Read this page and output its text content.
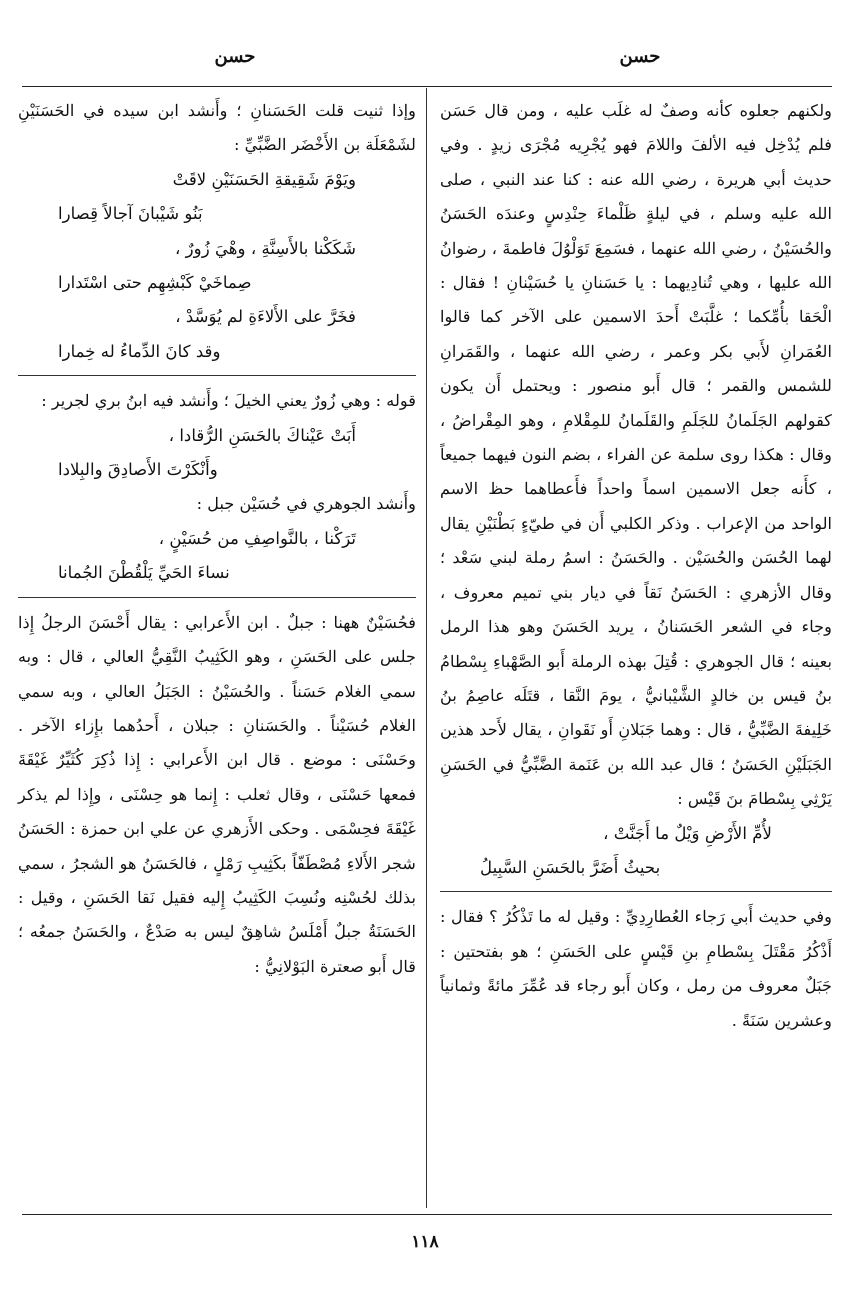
حسن
حسن

ولكنهم جعلوه كأنه وصفٌ له غلَب عليه ، ومن قال حَسَن فلم يُدْخِل فيه الألفَ واللامَ فهو يُجْرِيه مُجْرَى زيدٍ . وفي حديث أبي هريرة ، رضي الله عنه : كنا عند النبي ، صلى الله عليه وسلم ، في ليلةٍ ظَلْماءَ حِنْدِسٍ وعندَه الحَسَنُ والحُسَيْنُ ، رضي الله عنهما ، فسَمِعَ تَوَلْوُلَ فاطمةَ ، رضوانُ الله عليها ، وهي تُنادِيهما : يا حَسَنانِ يا حُسَيْنانِ ! فقال : الْحَقا بأُمِّكما ؛ غلَّبَتْ أَحدَ الاسمين على الآخر كما قالوا العُمَرانِ لأَبي بكر وعمر ، رضي الله عنهما ، والقَمَرانِ للشمس والقمر ؛ قال أَبو منصور : ويحتمل أَن يكون كقولهم الجَلَمانُ للجَلَمِ والقَلَمانُ للمِقْلامِ ، وهو المِقْراضُ ، وقال : هكذا روى سلمة عن الفراء ، بضم النون فيهما جميعاً ، كأَنه جعل الاسمين اسماً واحداً فأَعطاهما حظ الاسم الواحد من الإعراب . وذكر الكلبي أَن في طيّءٍ بَطْنَيْنِ يقال لهما الحُسَن والحُسَيْن . والحَسَنُ : اسمُ رملة لبني سَعْد ؛ وقال الأزهري : الحَسَنُ نَقاً في ديار بني تميم معروف ، وجاء في الشعر الحَسَنانُ ، يريد الحَسَنَ وهو هذا الرمل بعينه ؛ قال الجوهري : قُتِلَ بهذه الرملة أَبو الصَّهْباءِ بِسْطامُ بنُ قيس بن خالدٍ الشَّيْبانيُّ ، يومَ النَّقا ، قتَلَه عاصِمُ بنُ خَلِيفةَ الضَّبِّيُّ ، قال : وهما جَبَلانِ أَو نَقَوانِ ، يقال لأَحد هذين الجَبَلَيْنِ الحَسَنُ ؛ قال عبد الله بن عَنَمة الضَّبِّيُّ في الحَسَنِ يَرْثِي بِسْطامَ بنَ قَيْس :

لأُمِّ الأَرْضِ وَيْلٌ ما أَجَنَّتْ ،
بحيثُ أَضَرَّ بالحَسَنِ السَّبِيلُ

وفي حديث أَبي رَجاء العُطارِدِيِّ : وقيل له ما تَذْكُرُ ؟ فقال : أَذْكُرُ مَقْتَلَ بِسْطامِ بنِ قَيْسٍ على الحَسَنِ ؛ هو بفتحتين : جَبَلٌ معروف من رمل ، وكان أَبو رجاء قد عُمِّرَ مائةً وثمانياً وعشرين سَنَةً .

وإذا ثنيت قلت الحَسَنانِ ؛ وأَنشد ابن سيده في الحَسَنَيْنِ لشَمْعَلَة بن الأَخْضَر الضَّبِّيِّ :

ويَوْمَ شَقِيقةِ الحَسَنَيْنِ لاقَتْ
بَنُو شَيْبانَ آجالاً قِصارا
شَكَكْنا بالأَسِنَّةِ ، وهْيَ زُورٌ ،
صِماخَيْ كَبْشِهِم حتى اسْتَدارا
فخَرَّ على الأَلاءَةِ لم يُوَسَّدْ ،
وقد كانَ الدِّماءُ له خِمارا

قوله : وهي زُورٌ يعني الخيلَ ؛ وأَنشد فيه ابنُ بري لجرير :

أَبَتْ عَيْناكَ بالحَسَنِ الرُّقادا ،
وأَنْكَرْتَ الأَصادِقَ والبِلادا

وأَنشد الجوهري في حُسَيْن جبل :

تَرَكْنا ، بالنَّواصِفِ من حُسَيْنٍ ،
نساءَ الحَيِّ يَلْقُطْنَ الجُمانا

فحُسَيْنٌ ههنا : جبلٌ . ابن الأَعرابي : يقال أَحْسَنَ الرجلُ إِذا جلس على الحَسَنِ ، وهو الكَثِيبُ النَّقِيُّ العالي ، قال : وبه سمي الغلام حَسَناً . والحُسَيْنُ : الجَبَلُ العالي ، وبه سمي الغلام حُسَيْناً . والحَسَنانِ : جبلان ، أَحدُهما بإِزاء الآخر . وحَسْنَى : موضع . قال ابن الأَعرابي : إِذا ذُكِرَ كُثَيِّرٌ غَيْقَةَ فمعها حَسْنَى ، وقال ثعلب : إِنما هو حِسْنَى ، وإِذا لم يذكر غَيْقَةَ فحِسْمَى . وحكى الأَزهري عن علي ابن حمزة : الحَسَنُ شجر الأَلاءِ مُصْطَفّاً بكَثِيبِ رَمْلٍ ، فالحَسَنُ هو الشجرُ ، سمي بذلك لحُسْنِه ونُسِبَ الكَثِيبُ إِليه فقيل نَقا الحَسَنِ ، وقيل : الحَسَنَةُ جبلٌ أَمْلَسُ شاهِقٌ ليس به صَدْعٌ ، والحَسَنُ جمعُه ؛ قال أَبو صعترة البَوْلانِيُّ :

١١٨
